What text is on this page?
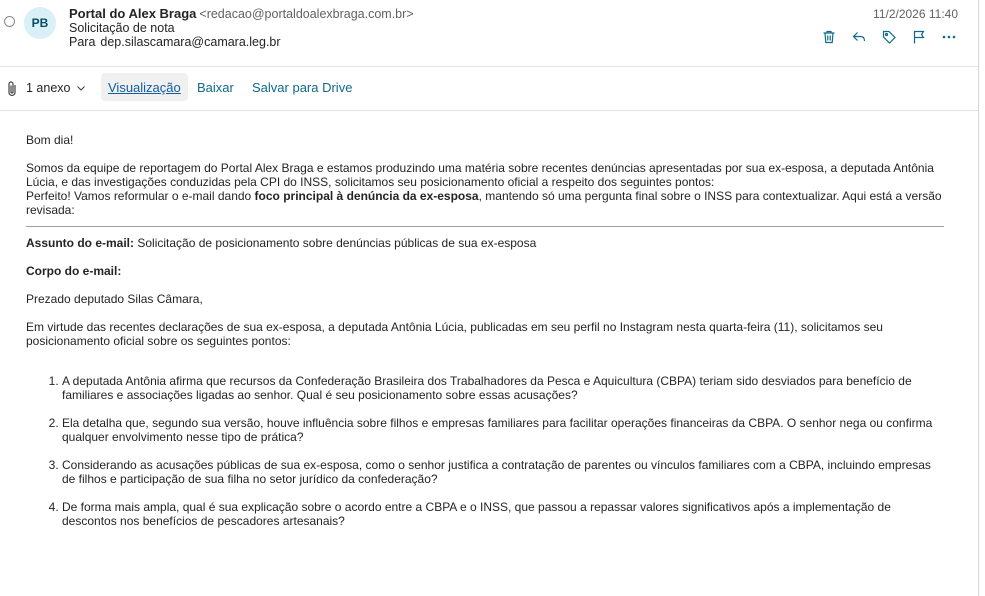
PB
Portal do Alex Braga <redacao@portaldoalexbraga.com.br>
Solicitação de nota
Para dep.silascamara@camara.leg.br
11/2/2026 11:40
1 anexo	Visualização	Baixar Salvar para Drive

Bom dia!

Somos da equipe de reportagem do Portal Alex Braga e estamos produzindo uma matéria sobre recentes denúncias apresentadas por sua ex-esposa, a deputada Antônia Lúcia, e das investigações conduzidas pela CPI do INSS, solicitamos seu posicionamento oficial a respeito dos seguintes pontos:

Perfeito! Vamos reformular o e-mail dando foco principal à denúncia da ex-esposa, mantendo só uma pergunta final sobre o INSS para contextualizar. Aqui está a versão revisada:

Assunto do e-mail: Solicitação de posicionamento sobre denúncias públicas de sua ex-esposa

Corpo do e-mail:

Prezado deputado Silas Câmara,

Em virtude das recentes declarações de sua ex-esposa, a deputada Antônia Lúcia, publicadas em seu perfil no Instagram nesta quarta-feira (11), solicitamos seu posicionamento oficial sobre os seguintes pontos:

1. A deputada Antônia afirma que recursos da Confederação Brasileira dos Trabalhadores da Pesca e Aquicultura (CBPA) teriam sido desviados para benefício de familiares e associações ligadas ao senhor. Qual é seu posicionamento sobre essas acusações?
2. Ela detalha que, segundo sua versão, houve influência sobre filhos e empresas familiares para facilitar operações financeiras da CBPA. O senhor nega ou confirma qualquer envolvimento nesse tipo de prática?
3. Considerando as acusações públicas de sua ex-esposa, como o senhor justifica a contratação de parentes ou vínculos familiares com a CBPA, incluindo empresas de filhos e participação de sua filha no setor jurídico da confederação?
4. De forma mais ampla, qual é sua explicação sobre o acordo entre a CBPA e o INSS, que passou a repassar valores significativos após a implementação de descontos nos benefícios de pescadores artesanais?
